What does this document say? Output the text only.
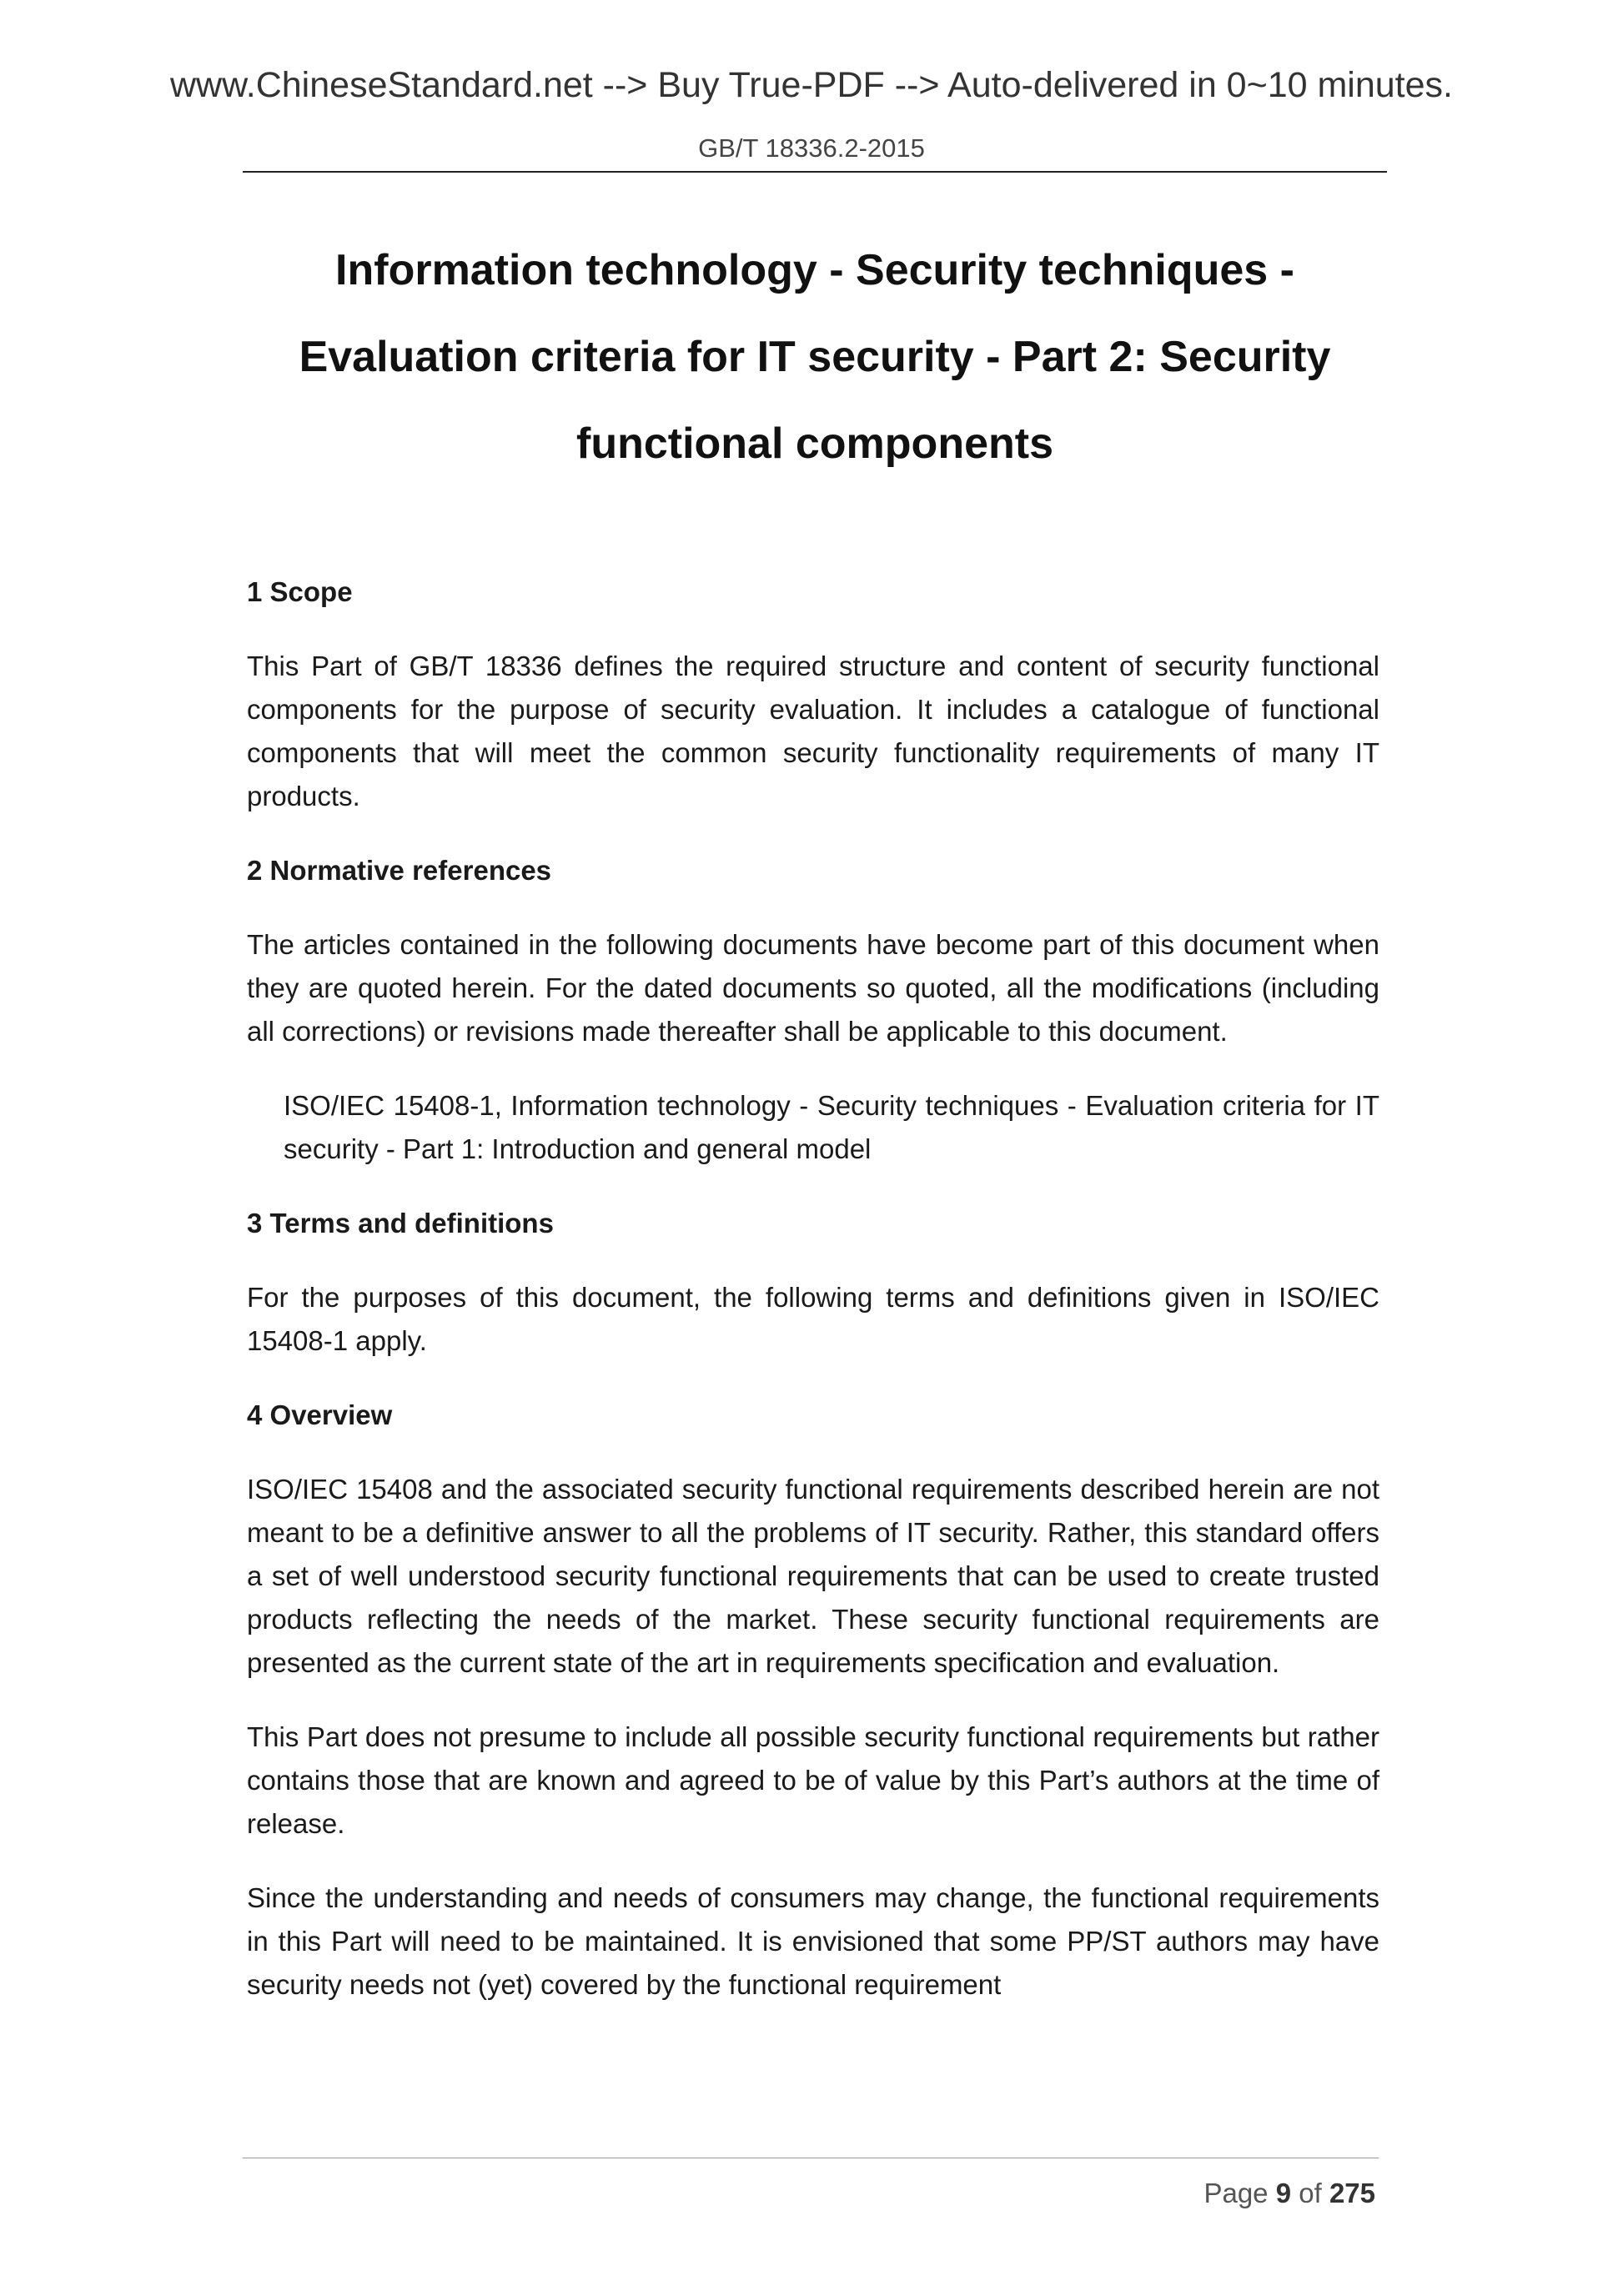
www.ChineseStandard.net --> Buy True-PDF --> Auto-delivered in 0~10 minutes.
GB/T 18336.2-2015
Information technology - Security techniques - Evaluation criteria for IT security - Part 2: Security functional components
1 Scope

This Part of GB/T 18336 defines the required structure and content of security functional components for the purpose of security evaluation. It includes a catalogue of functional components that will meet the common security functionality requirements of many IT products.

2 Normative references

The articles contained in the following documents have become part of this document when they are quoted herein. For the dated documents so quoted, all the modifications (including all corrections) or revisions made thereafter shall be applicable to this document.

ISO/IEC 15408-1, Information technology - Security techniques - Evaluation criteria for IT security - Part 1: Introduction and general model

3 Terms and definitions

For the purposes of this document, the following terms and definitions given in ISO/IEC 15408-1 apply.

4 Overview

ISO/IEC 15408 and the associated security functional requirements described herein are not meant to be a definitive answer to all the problems of IT security. Rather, this standard offers a set of well understood security functional requirements that can be used to create trusted products reflecting the needs of the market. These security functional requirements are presented as the current state of the art in requirements specification and evaluation.

This Part does not presume to include all possible security functional requirements but rather contains those that are known and agreed to be of value by this Part’s authors at the time of release.

Since the understanding and needs of consumers may change, the functional requirements in this Part will need to be maintained. It is envisioned that some PP/ST authors may have security needs not (yet) covered by the functional requirement

Page 9 of 275
